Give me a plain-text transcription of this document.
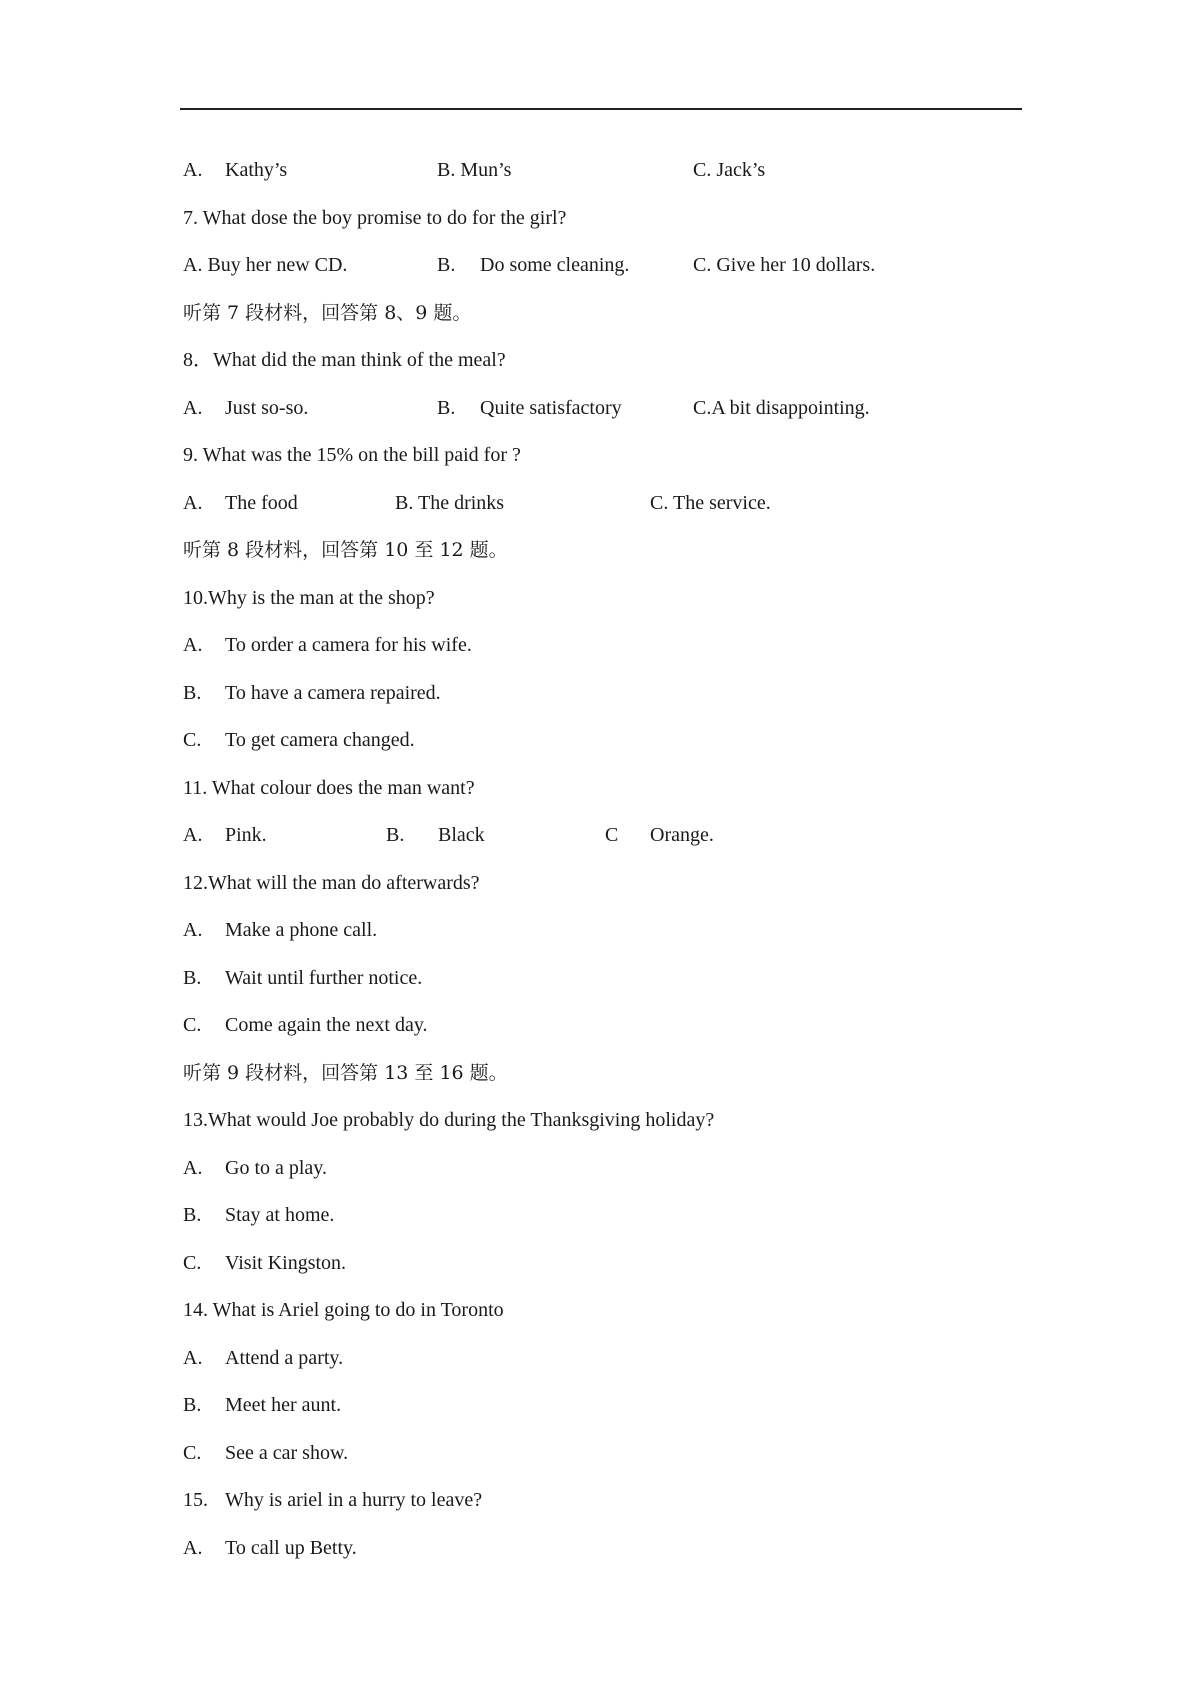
A. Kathy’s	B. Mun’s	C. Jack’s
7. What dose the boy promise to do for the girl?
A. Buy her new CD.	B. Do some cleaning.	C. Give her 10 dollars.
听第 7 段材料，回答第 8、9 题。
8．What did the man think of the meal?
A. Just so-so.	B. Quite satisfactory	C.A bit disappointing.
9. What was the 15% on the bill paid for ?
A. The food	B. The drinks	C. The service.
听第 8 段材料，回答第 10 至 12 题。
10.Why is the man at the shop?
A. To order a camera for his wife.
B. To have a camera repaired.
C. To get camera changed.
11. What colour does the man want?
A. Pink.	B. Black	C Orange.
12.What will the man do afterwards?
A. Make a phone call.
B. Wait until further notice.
C. Come again the next day.
听第 9 段材料，回答第 13 至 16 题。
13.What would Joe probably do during the Thanksgiving holiday?
A. Go to a play.
B. Stay at home.
C. Visit Kingston.
14. What is Ariel going to do in Toronto
A. Attend a party.
B. Meet her aunt.
C. See a car show.
15. Why is ariel in a hurry to leave?
A. To call up Betty.
